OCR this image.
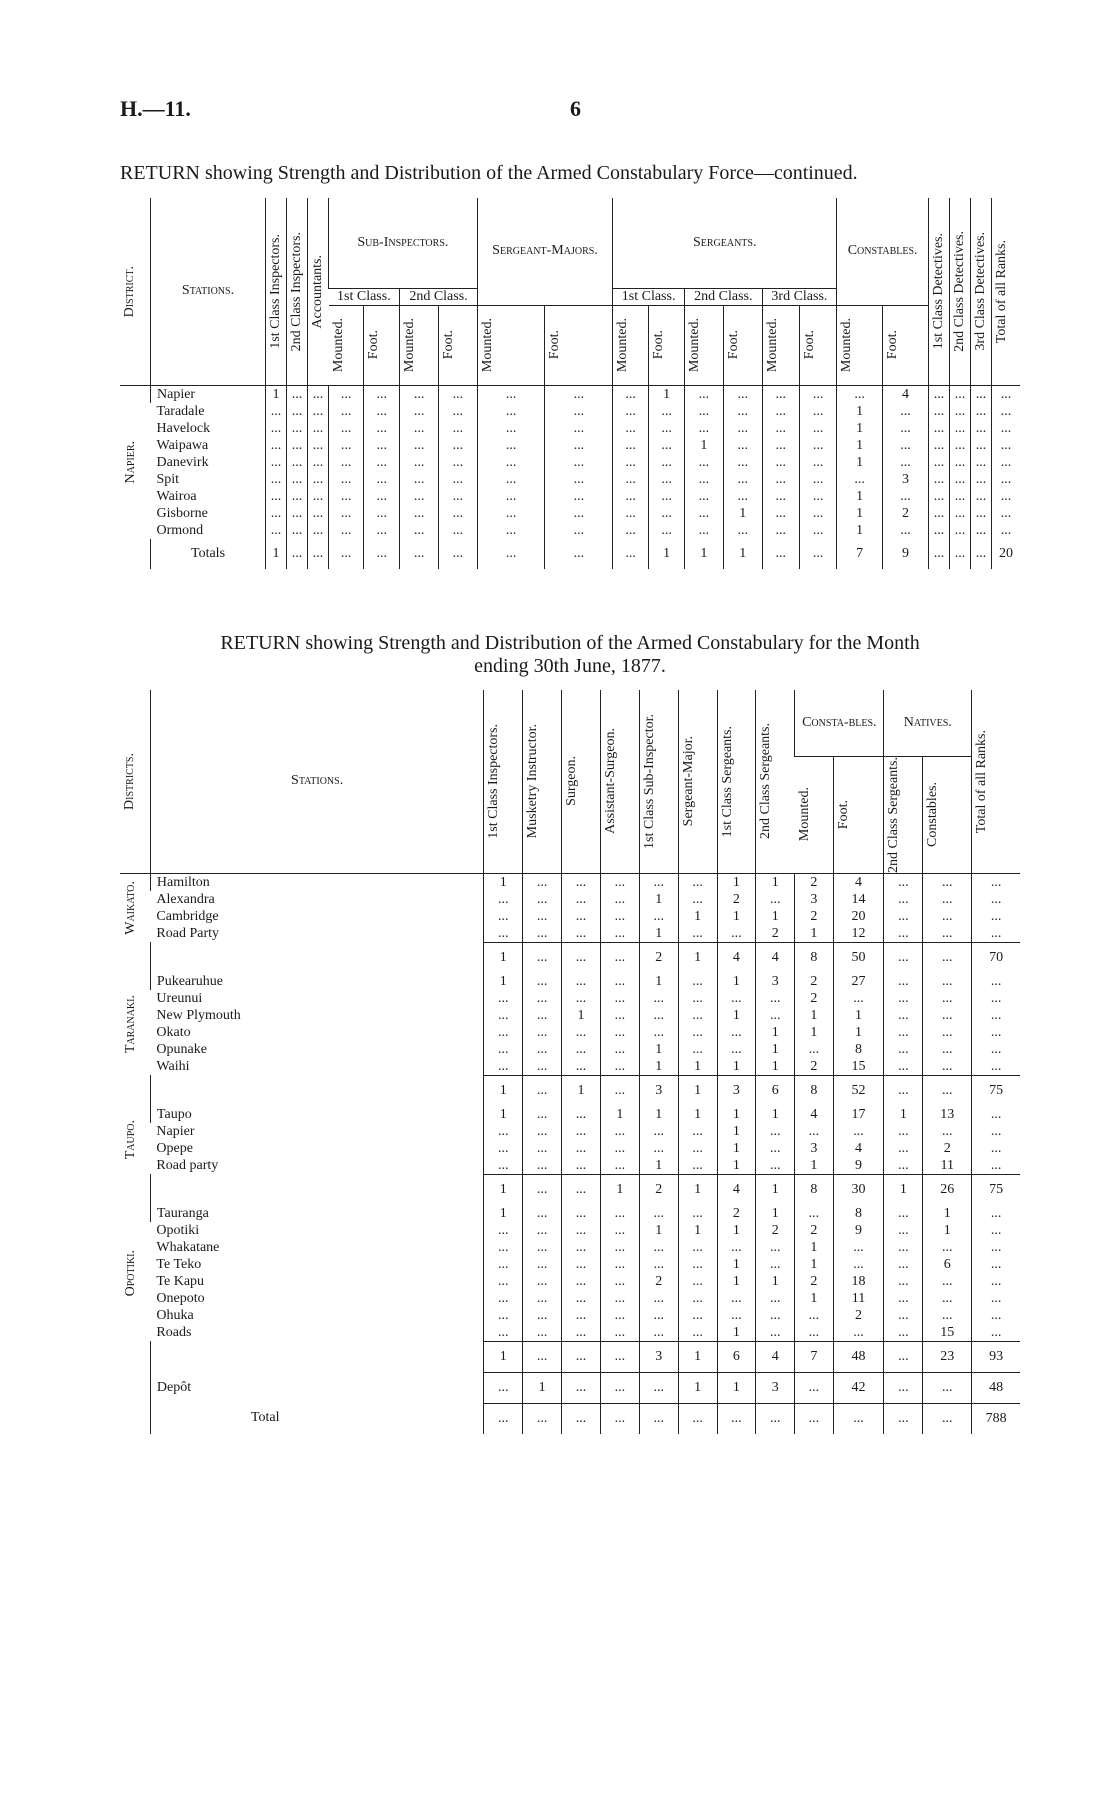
H.—11.	6
RETURN showing Strength and Distribution of the Armed Constabulary Force—continued.
District.	Stations.	1st Class Inspectors.	2nd Class Inspectors.	Accountants.	Sub-Inspectors.				Sergeant-Majors.		Sergeants.						Constables.		1st Class Detectives.	2nd Class Detectives.	3rd Class Detectives.	Total of all Ranks.

					1st Class.		2nd Class.				1st Class.		2nd Class.		3rd Class.							

					Mounted.	Foot.	Mounted.	Foot.	Mounted.	Foot.	Mounted.	Foot.	Mounted.	Foot.	Mounted.	Foot.	Mounted.	Foot.				

Napier.	Napier	1	...	...	...	...	...	...	...	...	...	1	...	...	...	...	...	4	...	...	...	...
	Taradale	...	...	...	...	...	...	...	...	...	...	...	...	...	...	...	1	...	...	...	...	...
	Havelock	...	...	...	...	...	...	...	...	...	...	...	...	...	...	...	1	...	...	...	...	...
	Waipawa	...	...	...	...	...	...	...	...	...	...	...	1	...	...	...	1	...	...	...	...	...
	Danevirk	...	...	...	...	...	...	...	...	...	...	...	...	...	...	...	1	...	...	...	...	...
	Spit	...	...	...	...	...	...	...	...	...	...	...	...	...	...	...	...	3	...	...	...	...
	Wairoa	...	...	...	...	...	...	...	...	...	...	...	...	...	...	...	1	...	...	...	...	...
	Gisborne	...	...	...	...	...	...	...	...	...	...	...	...	1	...	...	1	2	...	...	...	...
	Ormond	...	...	...	...	...	...	...	...	...	...	...	...	...	...	...	1	...	...	...	...	...
	Totals	1	...	...	...	...	...	...	...	...	...	1	1	1	...	...	7	9	...	...	...	20
RETURN showing Strength and Distribution of the Armed Constabulary for the Month
ending 30th June, 1877.
Districts.	Stations.	1st Class Inspectors.	Musketry Instructor.	Surgeon.	Assistant-Surgeon.	1st Class Sub-Inspector.	Sergeant-Major.	1st Class Sergeants.	2nd Class Sergeants.	Consta-bles.		Natives.		Total of all Ranks.

										Mounted.	Foot.	2nd Class Sergeants.	Constables.	

Waikato.	Hamilton	1	...	...	...	...	...	1	1	2	4	...	...	...
	Alexandra	...	...	...	...	1	...	2	...	3	14	...	...	...
	Cambridge	...	...	...	...	...	1	1	1	2	20	...	...	...
	Road Party	...	...	...	...	1	...	...	2	1	12	...	...	...
		1	...	...	...	2	1	4	4	8	50	...	...	70

Taranaki.	Pukearuhue	1	...	...	...	1	...	1	3	2	27	...	...	...
	Ureunui	...	...	...	...	...	...	...	...	2	...	...	...	...
	New Plymouth	...	...	1	...	...	...	1	...	1	1	...	...	...
	Okato	...	...	...	...	...	...	...	1	1	1	...	...	...
	Opunake	...	...	...	...	1	...	...	1	...	8	...	...	...
	Waihi	...	...	...	...	1	1	1	1	2	15	...	...	...
		1	...	1	...	3	1	3	6	8	52	...	...	75

Taupo.	Taupo	1	...	...	1	1	1	1	1	4	17	1	13	...
	Napier	...	...	...	...	...	...	1	...	...	...	...	...	...
	Opepe	...	...	...	...	...	...	1	...	3	4	...	2	...
	Road party	...	...	...	...	1	...	1	...	1	9	...	11	...
		1	...	...	1	2	1	4	1	8	30	1	26	75

Opotiki.	Tauranga	1	...	...	...	...	...	2	1	...	8	...	1	...
	Opotiki	...	...	...	...	1	1	1	2	2	9	...	1	...
	Whakatane	...	...	...	...	...	...	...	...	1	...	...	...	...
	Te Teko	...	...	...	...	...	...	1	...	1	...	...	6	...
	Te Kapu	...	...	...	...	2	...	1	1	2	18	...	...	...
	Onepoto	...	...	...	...	...	...	...	...	1	11	...	...	...
	Ohuka	...	...	...	...	...	...	...	...	...	2	...	...	...
	Roads	...	...	...	...	...	...	1	...	...	...	...	15	...
		1	...	...	...	3	1	6	4	7	48	...	23	93
	Depôt	...	1	...	...	...	1	1	3	...	42	...	...	48
	Total	...	...	...	...	...	...	...	...	...	...	...	...	788
